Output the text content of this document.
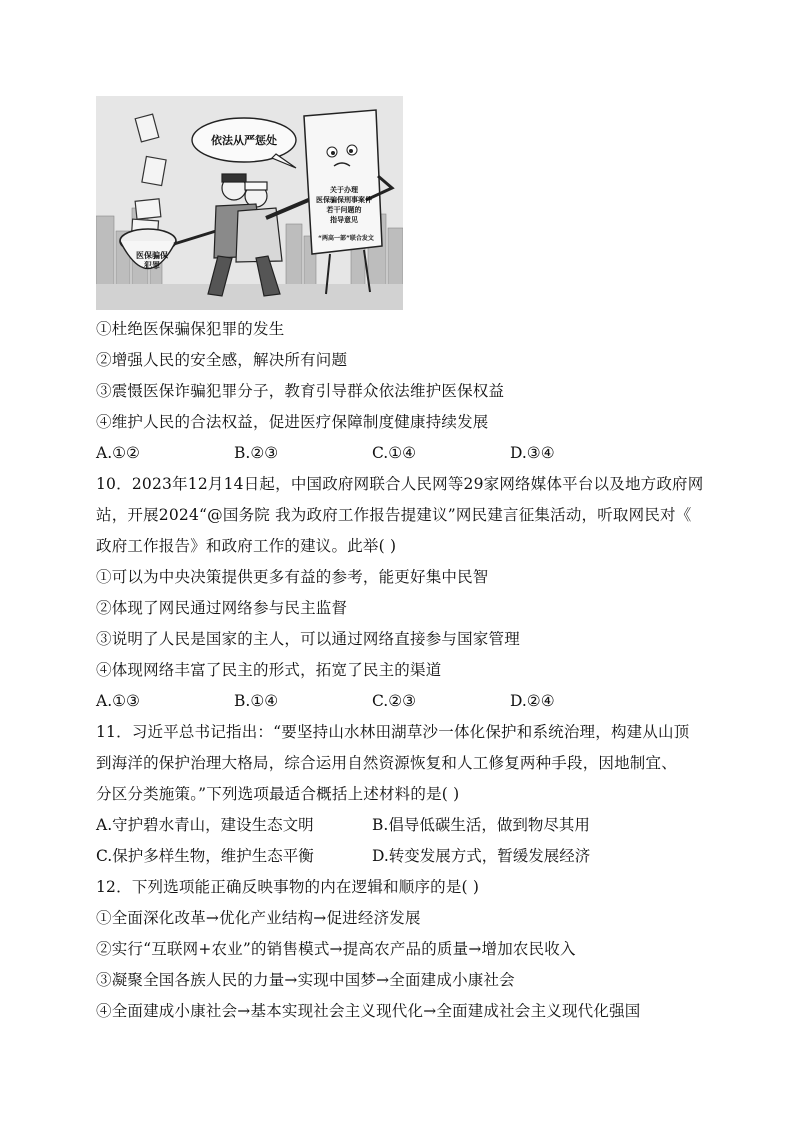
医保骗保
犯罪
依法从严惩处
关于办理
医保骗保刑事案件
若干问题的
指导意见
“两高一部”联合发文
①杜绝医保骗保犯罪的发生
②增强人民的安全感，解决所有问题
③震慑医保诈骗犯罪分子，教育引导群众依法维护医保权益
④维护人民的合法权益，促进医疗保障制度健康持续发展
A.①②	B.②③	C.①④	D.③④
10．2023年12月14日起，中国政府网联合人民网等29家网络媒体平台以及地方政府网
站，开展2024“@国务院 我为政府工作报告提建议”网民建言征集活动，听取网民对《
政府工作报告》和政府工作的建议。此举( )
①可以为中央决策提供更多有益的参考，能更好集中民智
②体现了网民通过网络参与民主监督
③说明了人民是国家的主人，可以通过网络直接参与国家管理
④体现网络丰富了民主的形式，拓宽了民主的渠道
A.①③	B.①④	C.②③	D.②④
11．习近平总书记指出：“要坚持山水林田湖草沙一体化保护和系统治理，构建从山顶
到海洋的保护治理大格局，综合运用自然资源恢复和人工修复两种手段，因地制宜、
分区分类施策。”下列选项最适合概括上述材料的是( )
A.守护碧水青山，建设生态文明	B.倡导低碳生活，做到物尽其用
C.保护多样生物，维护生态平衡	D.转变发展方式，暂缓发展经济
12．下列选项能正确反映事物的内在逻辑和顺序的是( )
①全面深化改革→优化产业结构→促进经济发展
②实行“互联网+农业”的销售模式→提高农产品的质量→增加农民收入
③凝聚全国各族人民的力量→实现中国梦→全面建成小康社会
④全面建成小康社会→基本实现社会主义现代化→全面建成社会主义现代化强国
